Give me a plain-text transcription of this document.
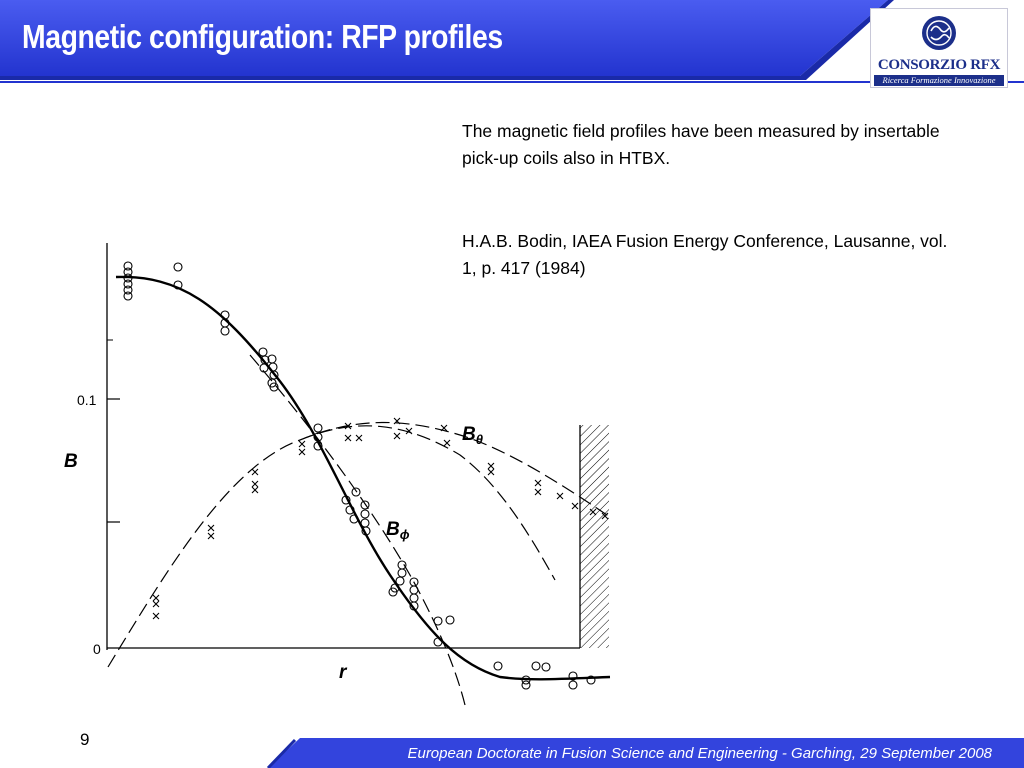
Magnetic configuration: RFP profiles
CONSORZIO RFX
Ricerca Formazione Innovazione

The magnetic field profiles have been measured by insertable pick-up coils also in HTBX.

H.A.B. Bodin, IAEA Fusion Energy Conference, Lausanne, vol. 1, p. 417 (1984)

0.1
0
B
r
$B_\theta$
$B_\phi$
9
European Doctorate in Fusion Science and Engineering - Garching, 29 September 2008
